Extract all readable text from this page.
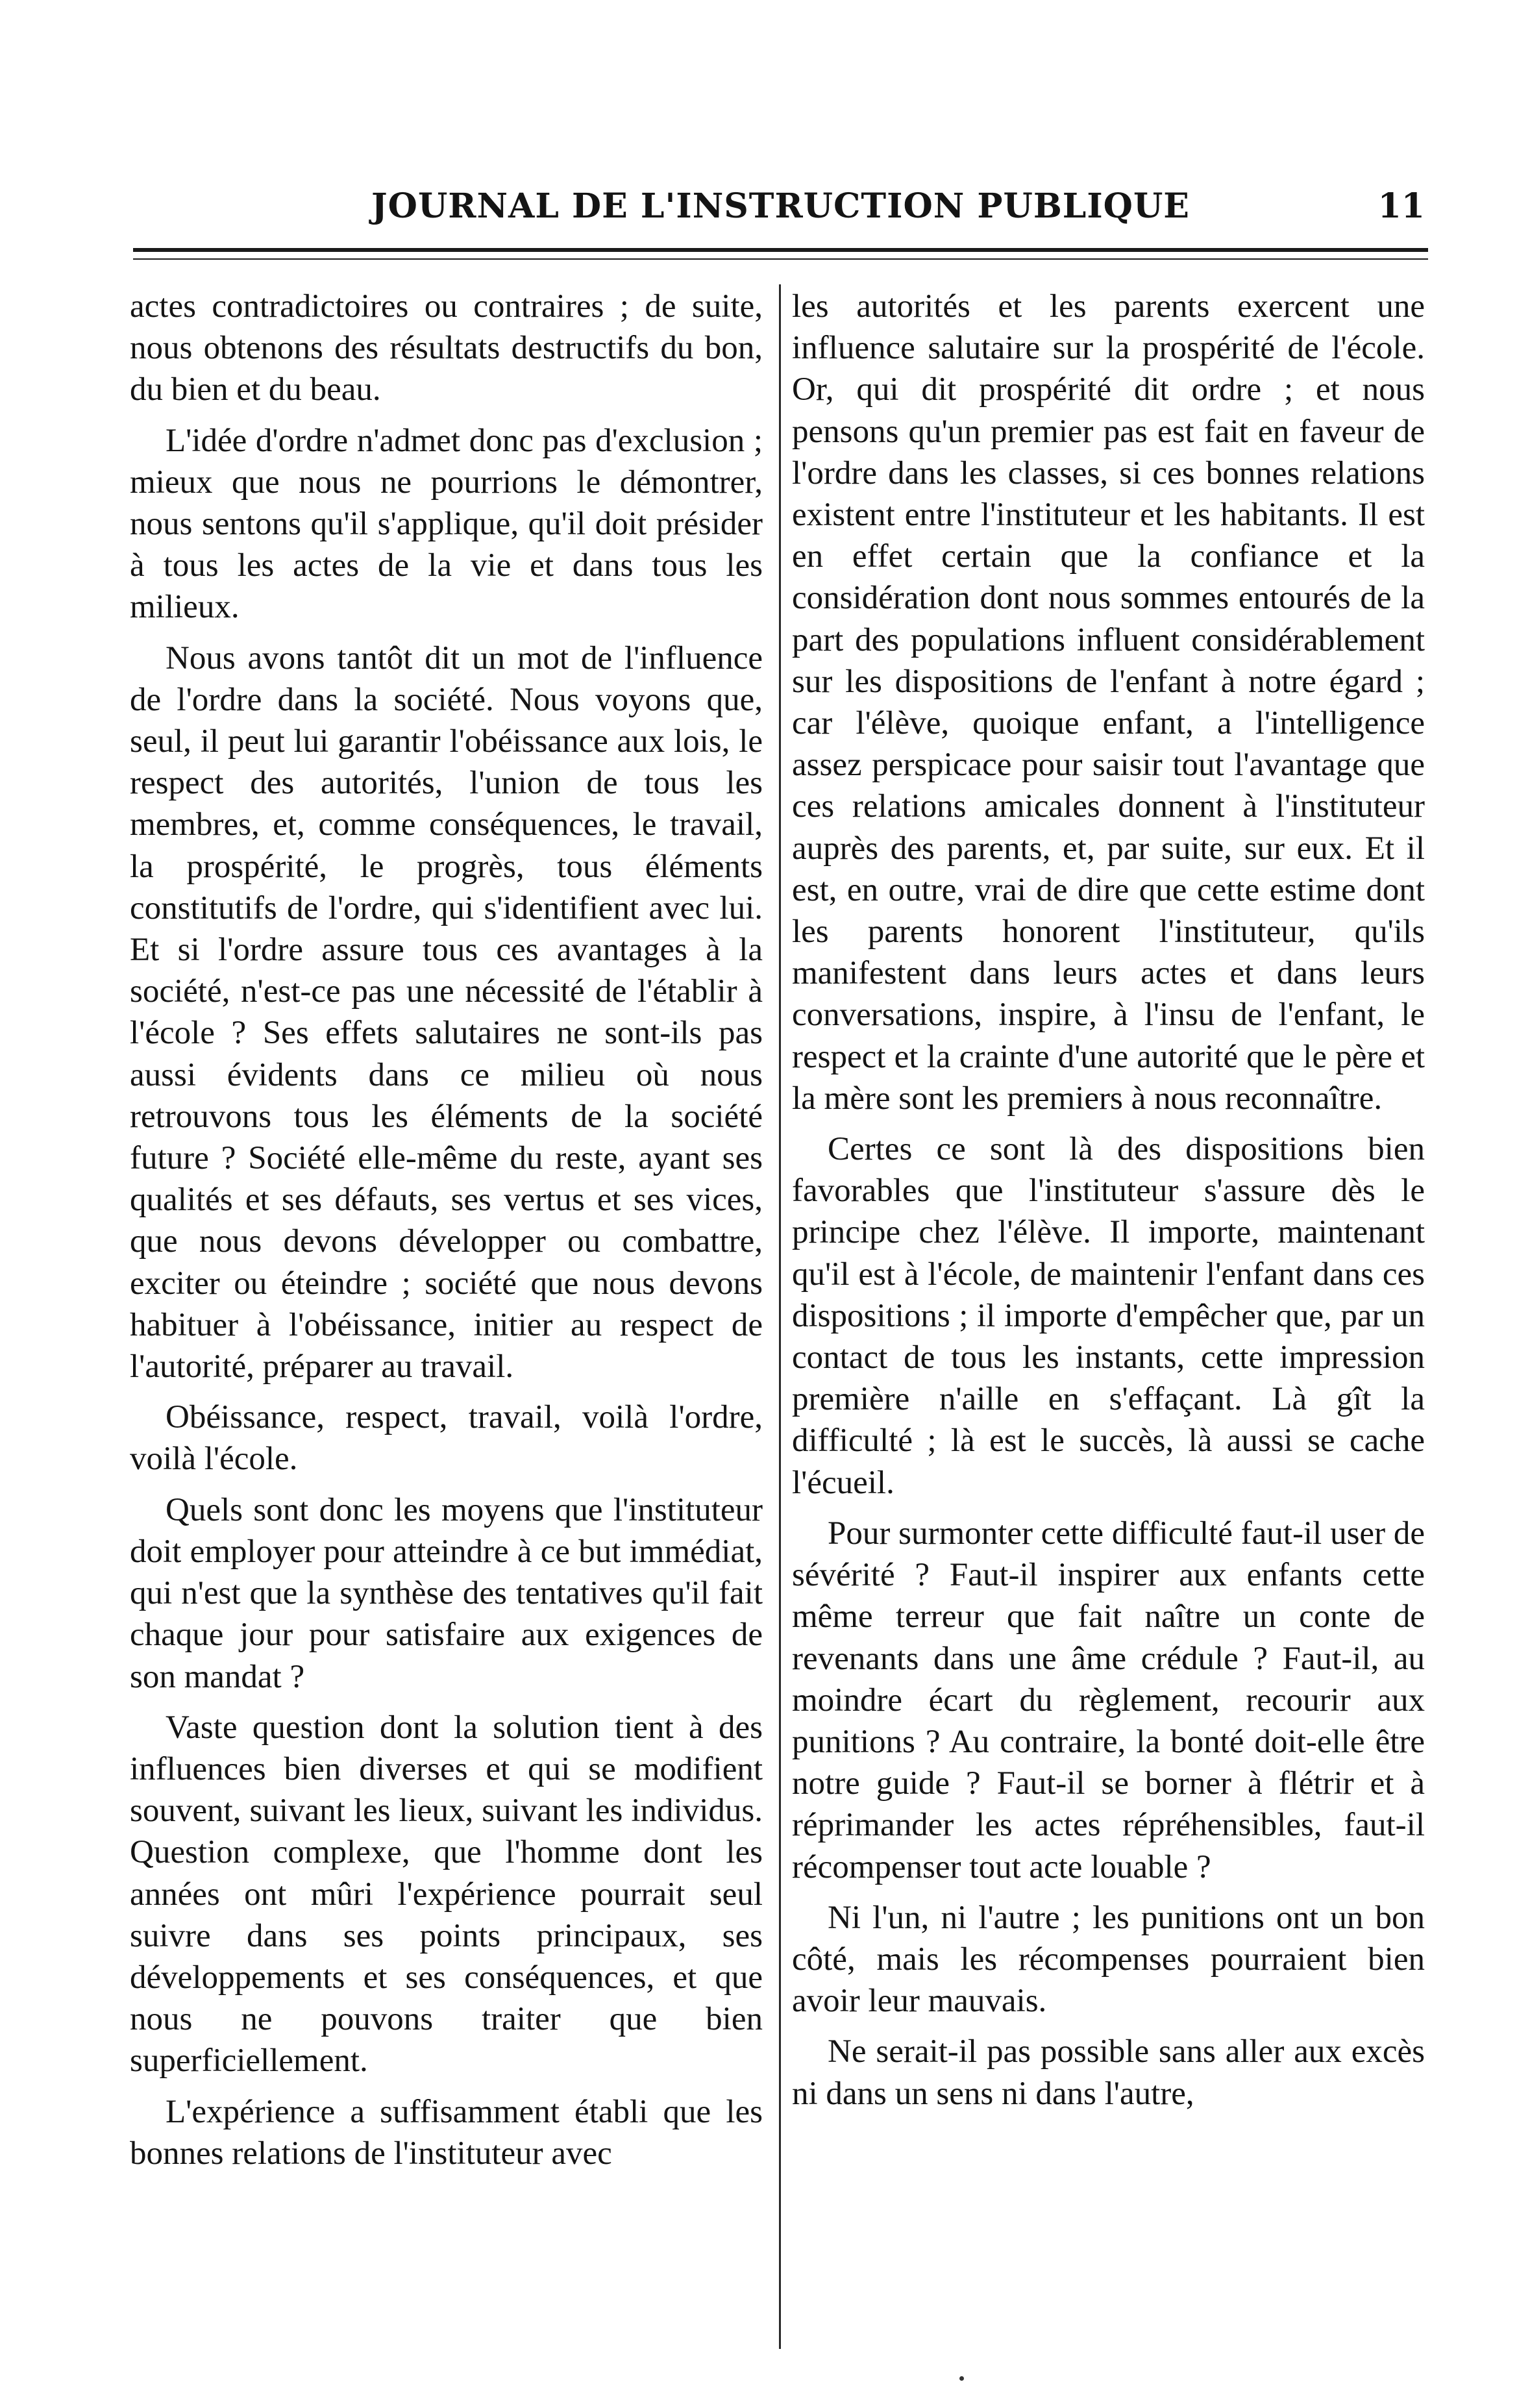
JOURNAL DE L'INSTRUCTION PUBLIQUE	11

actes contradictoires ou contraires ; de suite, nous obtenons des résultats destructifs du bon, du bien et du beau.

L'idée d'ordre n'admet donc pas d'exclusion ; mieux que nous ne pourrions le démontrer, nous sentons qu'il s'applique, qu'il doit présider à tous les actes de la vie et dans tous les milieux.

Nous avons tantôt dit un mot de l'influence de l'ordre dans la société. Nous voyons que, seul, il peut lui garantir l'obéissance aux lois, le respect des autorités, l'union de tous les membres, et, comme conséquences, le travail, la prospérité, le progrès, tous éléments constitutifs de l'ordre, qui s'identifient avec lui. Et si l'ordre assure tous ces avantages à la société, n'est-ce pas une nécessité de l'établir à l'école ? Ses effets salutaires ne sont-ils pas aussi évidents dans ce milieu où nous retrouvons tous les éléments de la société future ? Société elle-même du reste, ayant ses qualités et ses défauts, ses vertus et ses vices, que nous devons développer ou combattre, exciter ou éteindre ; société que nous devons habituer à l'obéissance, initier au respect de l'autorité, préparer au travail.

Obéissance, respect, travail, voilà l'ordre, voilà l'école.

Quels sont donc les moyens que l'instituteur doit employer pour atteindre à ce but immédiat, qui n'est que la synthèse des tentatives qu'il fait chaque jour pour satisfaire aux exigences de son mandat ?

Vaste question dont la solution tient à des influences bien diverses et qui se modifient souvent, suivant les lieux, suivant les individus. Question complexe, que l'homme dont les années ont mûri l'expérience pourrait seul suivre dans ses points principaux, ses développements et ses conséquences, et que nous ne pouvons traiter que bien superficiellement.

L'expérience a suffisamment établi que les bonnes relations de l'instituteur avec

les autorités et les parents exercent une influence salutaire sur la prospérité de l'école. Or, qui dit prospérité dit ordre ; et nous pensons qu'un premier pas est fait en faveur de l'ordre dans les classes, si ces bonnes relations existent entre l'instituteur et les habitants. Il est en effet certain que la confiance et la considération dont nous sommes entourés de la part des populations influent considérablement sur les dispositions de l'enfant à notre égard ; car l'élève, quoique enfant, a l'intelligence assez perspicace pour saisir tout l'avantage que ces relations amicales donnent à l'instituteur auprès des parents, et, par suite, sur eux. Et il est, en outre, vrai de dire que cette estime dont les parents honorent l'instituteur, qu'ils manifestent dans leurs actes et dans leurs conversations, inspire, à l'insu de l'enfant, le respect et la crainte d'une autorité que le père et la mère sont les premiers à nous reconnaître.

Certes ce sont là des dispositions bien favorables que l'instituteur s'assure dès le principe chez l'élève. Il importe, maintenant qu'il est à l'école, de maintenir l'enfant dans ces dispositions ; il importe d'empêcher que, par un contact de tous les instants, cette impression première n'aille en s'effaçant. Là gît la difficulté ; là est le succès, là aussi se cache l'écueil.

Pour surmonter cette difficulté faut-il user de sévérité ? Faut-il inspirer aux enfants cette même terreur que fait naître un conte de revenants dans une âme crédule ? Faut-il, au moindre écart du règlement, recourir aux punitions ? Au contraire, la bonté doit-elle être notre guide ? Faut-il se borner à flétrir et à réprimander les actes répréhensibles, faut-il récompenser tout acte louable ?

Ni l'un, ni l'autre ; les punitions ont un bon côté, mais les récompenses pourraient bien avoir leur mauvais.

Ne serait-il pas possible sans aller aux excès ni dans un sens ni dans l'autre,
